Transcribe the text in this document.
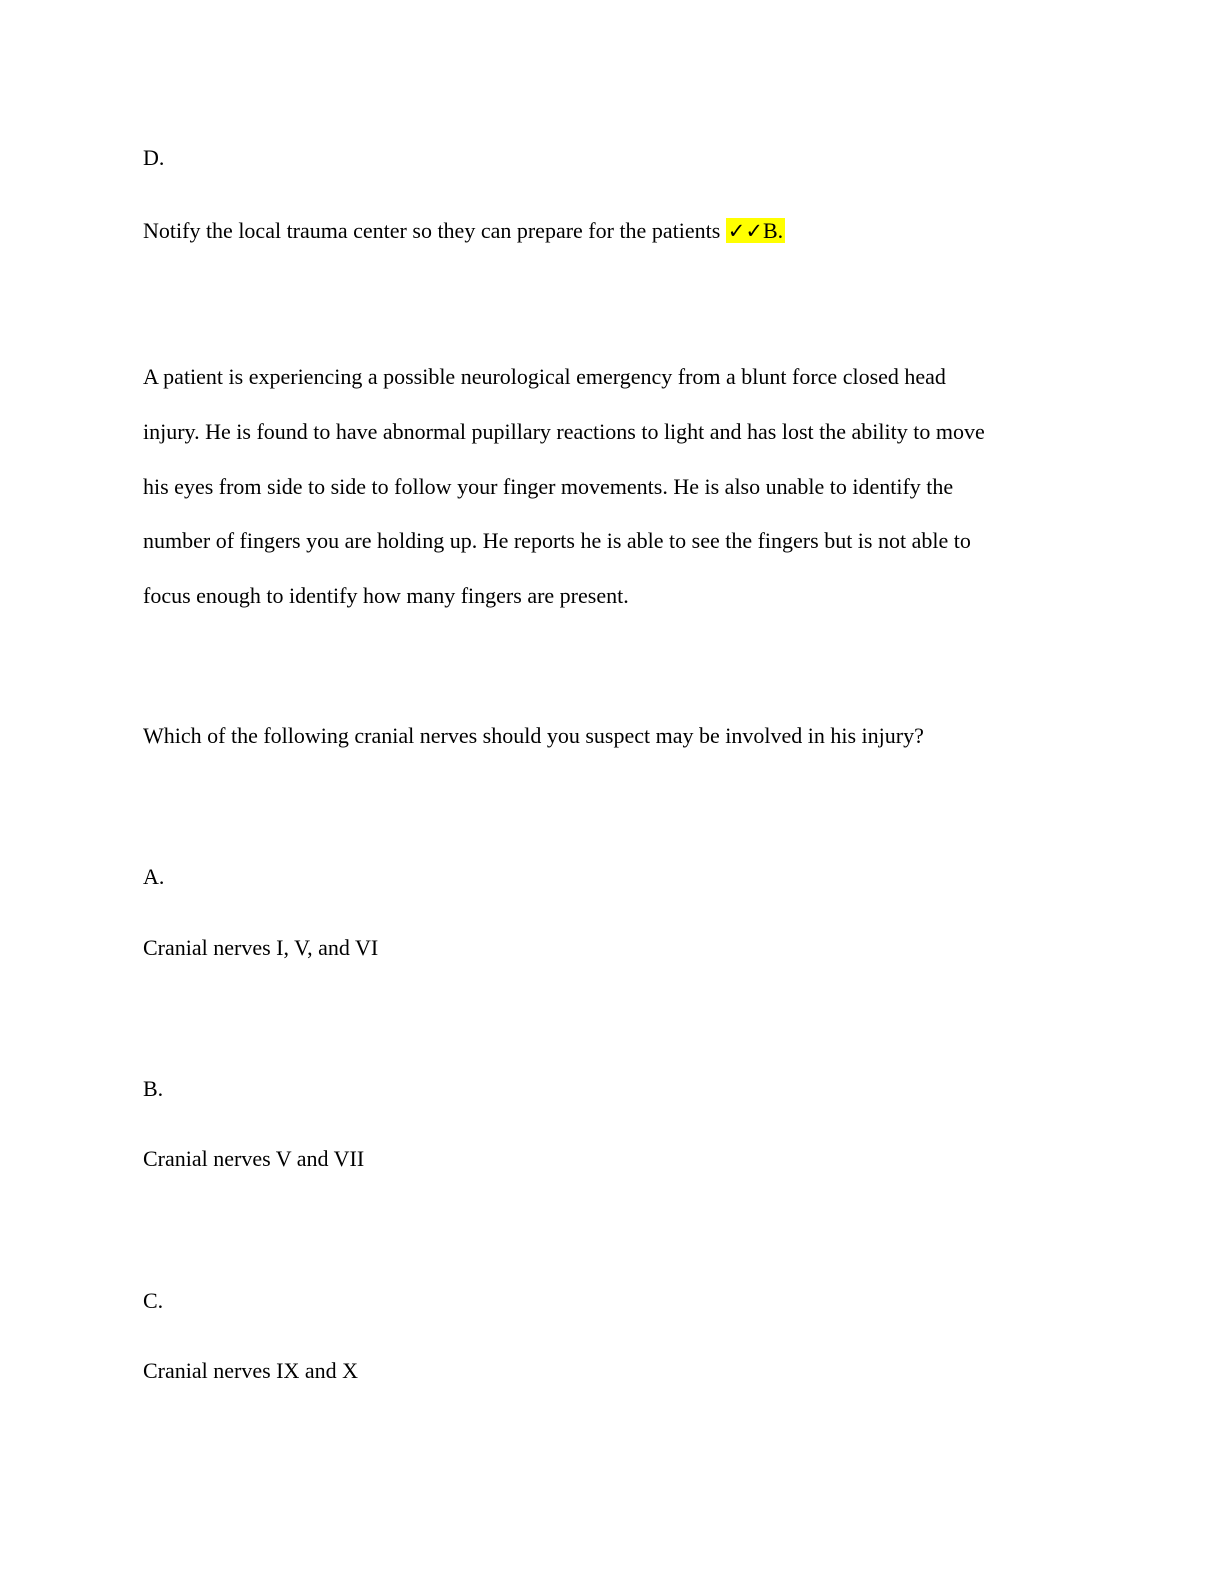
D.
Notify the local trauma center so they can prepare for the patients ✓✓B.
A patient is experiencing a possible neurological emergency from a blunt force closed head
injury. He is found to have abnormal pupillary reactions to light and has lost the ability to move
his eyes from side to side to follow your finger movements. He is also unable to identify the
number of fingers you are holding up. He reports he is able to see the fingers but is not able to
focus enough to identify how many fingers are present.
Which of the following cranial nerves should you suspect may be involved in his injury?
A.
Cranial nerves I, V, and VI
B.
Cranial nerves V and VII
C.
Cranial nerves IX and X
